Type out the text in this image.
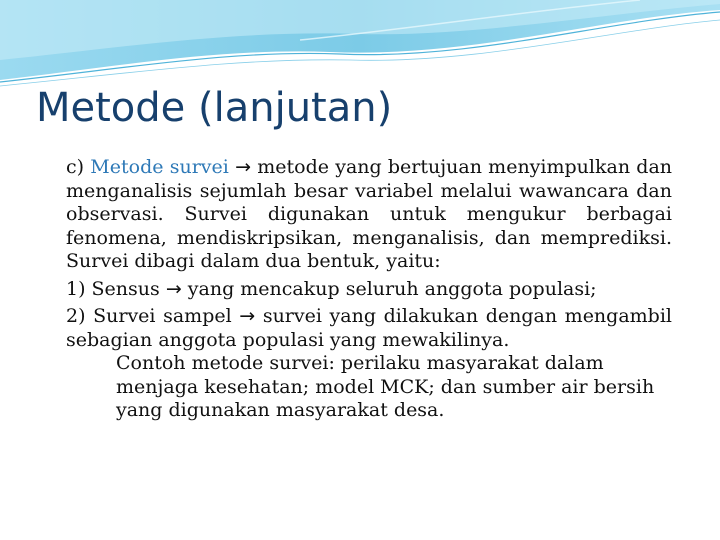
Metode (lanjutan)

c) Metode survei → metode yang bertujuan menyimpulkan dan menganalisis sejumlah besar variabel melalui wawancara dan observasi. Survei digunakan untuk mengukur berbagai fenomena, mendiskripsikan, menganalisis, dan memprediksi. Survei dibagi dalam dua bentuk, yaitu:

1) Sensus → yang mencakup seluruh anggota populasi;

2) Survei sampel → survei yang dilakukan dengan mengambil sebagian anggota populasi yang mewakilinya.

Contoh metode survei: perilaku masyarakat dalam menjaga kesehatan; model MCK; dan sumber air bersih yang digunakan masyarakat desa.
